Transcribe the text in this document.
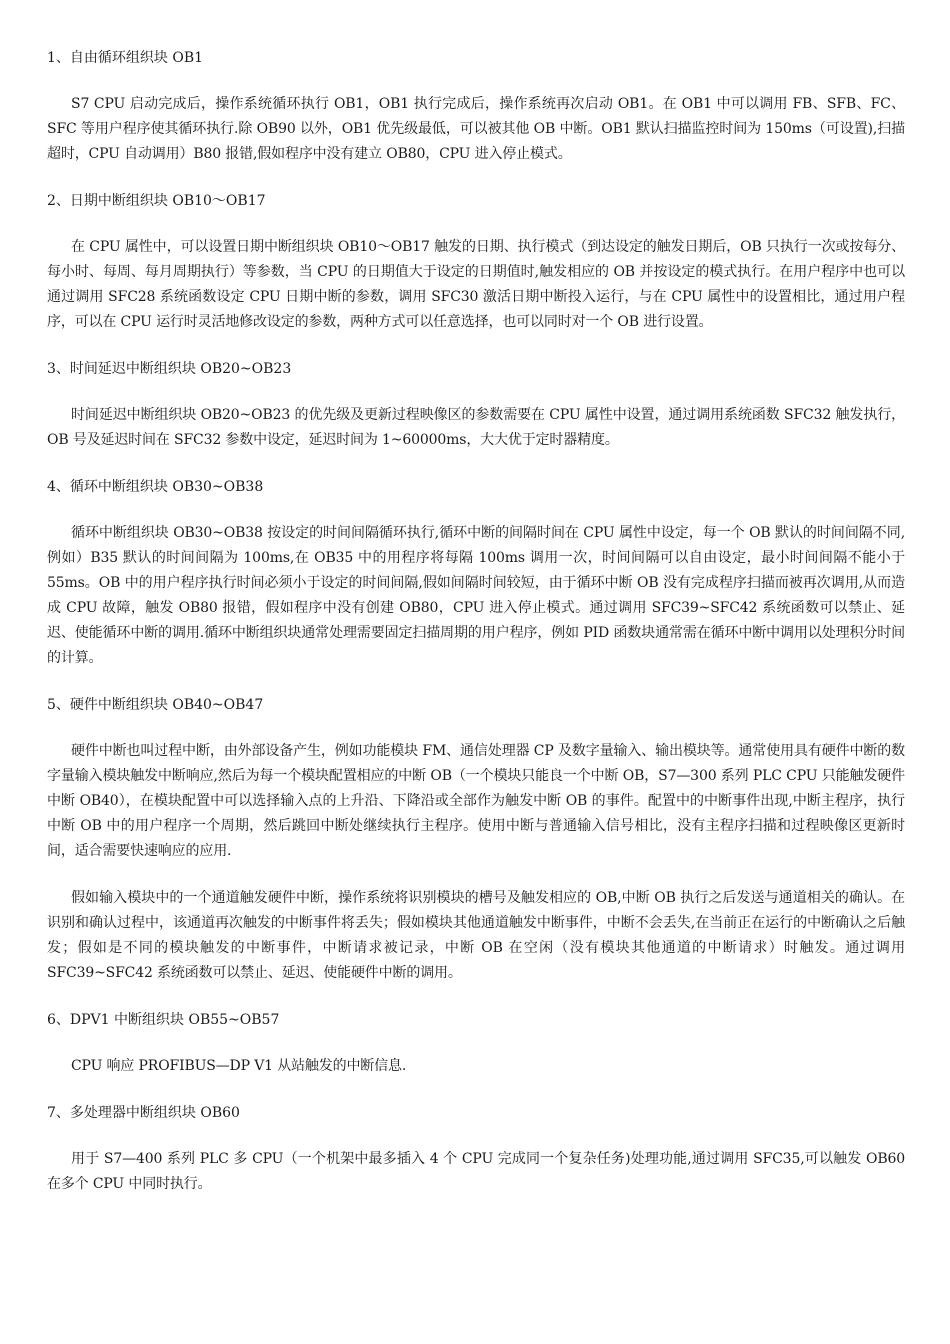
1、自由循环组织块 OB1
S7 CPU 启动完成后，操作系统循环执行 OB1，OB1 执行完成后，操作系统再次启动 OB1。在 OB1 中可以调用 FB、SFB、FC、SFC 等用户程序使其循环执行.除 OB90 以外，OB1 优先级最低，可以被其他 OB 中断。OB1 默认扫描监控时间为 150ms（可设置),扫描超时，CPU 自动调用）B80 报错,假如程序中没有建立 OB80，CPU 进入停止模式。
2、日期中断组织块 OB10～OB17
在 CPU 属性中，可以设置日期中断组织块 OB10～OB17 触发的日期、执行模式（到达设定的触发日期后，OB 只执行一次或按每分、每小时、每周、每月周期执行）等参数，当 CPU 的日期值大于设定的日期值时,触发相应的 OB 并按设定的模式执行。在用户程序中也可以通过调用 SFC28 系统函数设定 CPU 日期中断的参数，调用 SFC30 激活日期中断投入运行，与在 CPU 属性中的设置相比，通过用户程序，可以在 CPU 运行时灵活地修改设定的参数，两种方式可以任意选择，也可以同时对一个 OB 进行设置。
3、时间延迟中断组织块 OB20~OB23
时间延迟中断组织块 OB20~OB23 的优先级及更新过程映像区的参数需要在 CPU 属性中设置，通过调用系统函数 SFC32 触发执行，OB 号及延迟时间在 SFC32 参数中设定，延迟时间为 1~60000ms，大大优于定时器精度。
4、循环中断组织块 OB30~OB38
循环中断组织块 OB30~OB38 按设定的时间间隔循环执行,循环中断的间隔时间在 CPU 属性中设定，每一个 OB 默认的时间间隔不同,例如）B35 默认的时间间隔为 100ms,在 OB35 中的用程序将每隔 100ms 调用一次，时间间隔可以自由设定，最小时间间隔不能小于 55ms。OB 中的用户程序执行时间必须小于设定的时间间隔,假如间隔时间较短，由于循环中断 OB 没有完成程序扫描而被再次调用,从而造成 CPU 故障，触发 OB80 报错，假如程序中没有创建 OB80，CPU 进入停止模式。通过调用 SFC39~SFC42 系统函数可以禁止、延迟、使能循环中断的调用.循环中断组织块通常处理需要固定扫描周期的用户程序，例如 PID 函数块通常需在循环中断中调用以处理积分时间的计算。
5、硬件中断组织块 OB40~OB47
硬件中断也叫过程中断，由外部设备产生，例如功能模块 FM、通信处理器 CP 及数字量输入、输出模块等。通常使用具有硬件中断的数字量输入模块触发中断响应,然后为每一个模块配置相应的中断 OB（一个模块只能良一个中断 OB，S7—300 系列 PLC CPU 只能触发硬件中断 OB40），在模块配置中可以选择输入点的上升沿、下降沿或全部作为触发中断 OB 的事件。配置中的中断事件出现,中断主程序，执行中断 OB 中的用户程序一个周期，然后跳回中断处继续执行主程序。使用中断与普通输入信号相比，没有主程序扫描和过程映像区更新时间，适合需要快速响应的应用.
假如输入模块中的一个通道触发硬件中断，操作系统将识别模块的槽号及触发相应的 OB,中断 OB 执行之后发送与通道相关的确认。在识别和确认过程中，该通道再次触发的中断事件将丢失；假如模块其他通道触发中断事件，中断不会丢失,在当前正在运行的中断确认之后触发；假如是不同的模块触发的中断事件，中断请求被记录，中断 OB 在空闲（没有模块其他通道的中断请求）时触发。通过调用 SFC39~SFC42 系统函数可以禁止、延迟、使能硬件中断的调用。
6、DPV1 中断组织块 OB55~OB57
CPU 响应 PROFIBUS—DP V1 从站触发的中断信息.
7、多处理器中断组织块 OB60
用于 S7—400 系列 PLC 多 CPU（一个机架中最多插入 4 个 CPU 完成同一个复杂任务)处理功能,通过调用 SFC35,可以触发 OB60 在多个 CPU 中同时执行。
